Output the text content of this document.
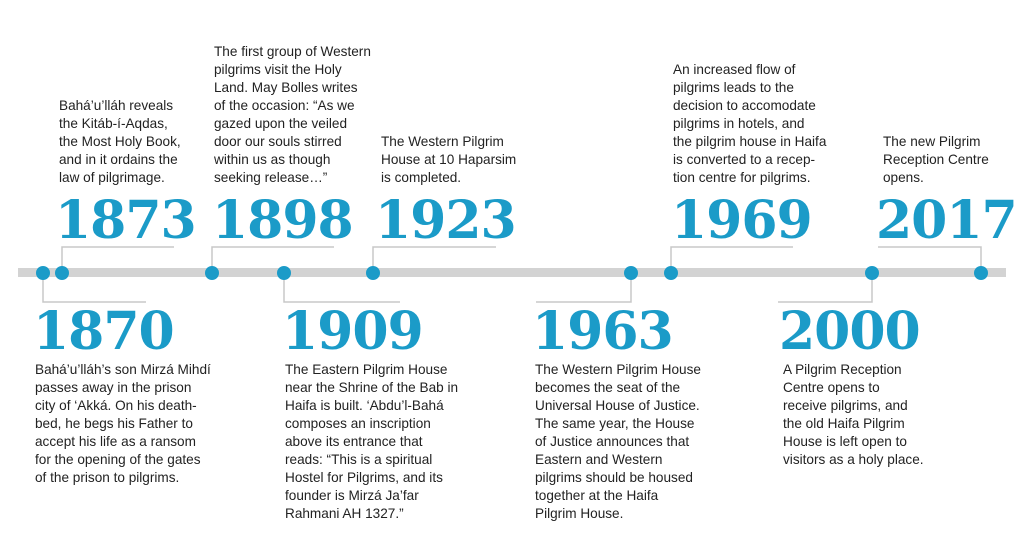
1870
Bahá’u’lláh’s son Mirzá Mihdí
passes away in the prison
city of ‘Akká. On his death-
bed, he begs his Father to
accept his life as a ransom
for the opening of the gates
of the prison to pilgrims.
Bahá’u’lláh reveals
the Kitáb-í-Aqdas,
the Most Holy Book,
and in it ordains the
law of pilgrimage.
1873
The first group of Western
pilgrims visit the Holy
Land. May Bolles writes
of the occasion: “As we
gazed upon the veiled
door our souls stirred
within us as though
seeking release…”
1898
1909
The Eastern Pilgrim House
near the Shrine of the Bab in
Haifa is built. ‘Abdu’l-Bahá
composes an inscription
above its entrance that
reads: “This is a spiritual
Hostel for Pilgrims, and its
founder is Mirzá Ja’far
Rahmani AH 1327.”
The Western Pilgrim
House at 10 Haparsim
is completed.
1923
1963
The Western Pilgrim House
becomes the seat of the
Universal House of Justice.
The same year, the House
of Justice announces that
Eastern and Western
pilgrims should be housed
together at the Haifa
Pilgrim House.
An increased flow of
pilgrims leads to the
decision to accomodate
pilgrims in hotels, and
the pilgrim house in Haifa
is converted to a recep-
tion centre for pilgrims.
1969
2000
A Pilgrim Reception
Centre opens to
receive pilgrims, and
the old Haifa Pilgrim
House is left open to
visitors as a holy place.
The new Pilgrim
Reception Centre
opens.
2017
